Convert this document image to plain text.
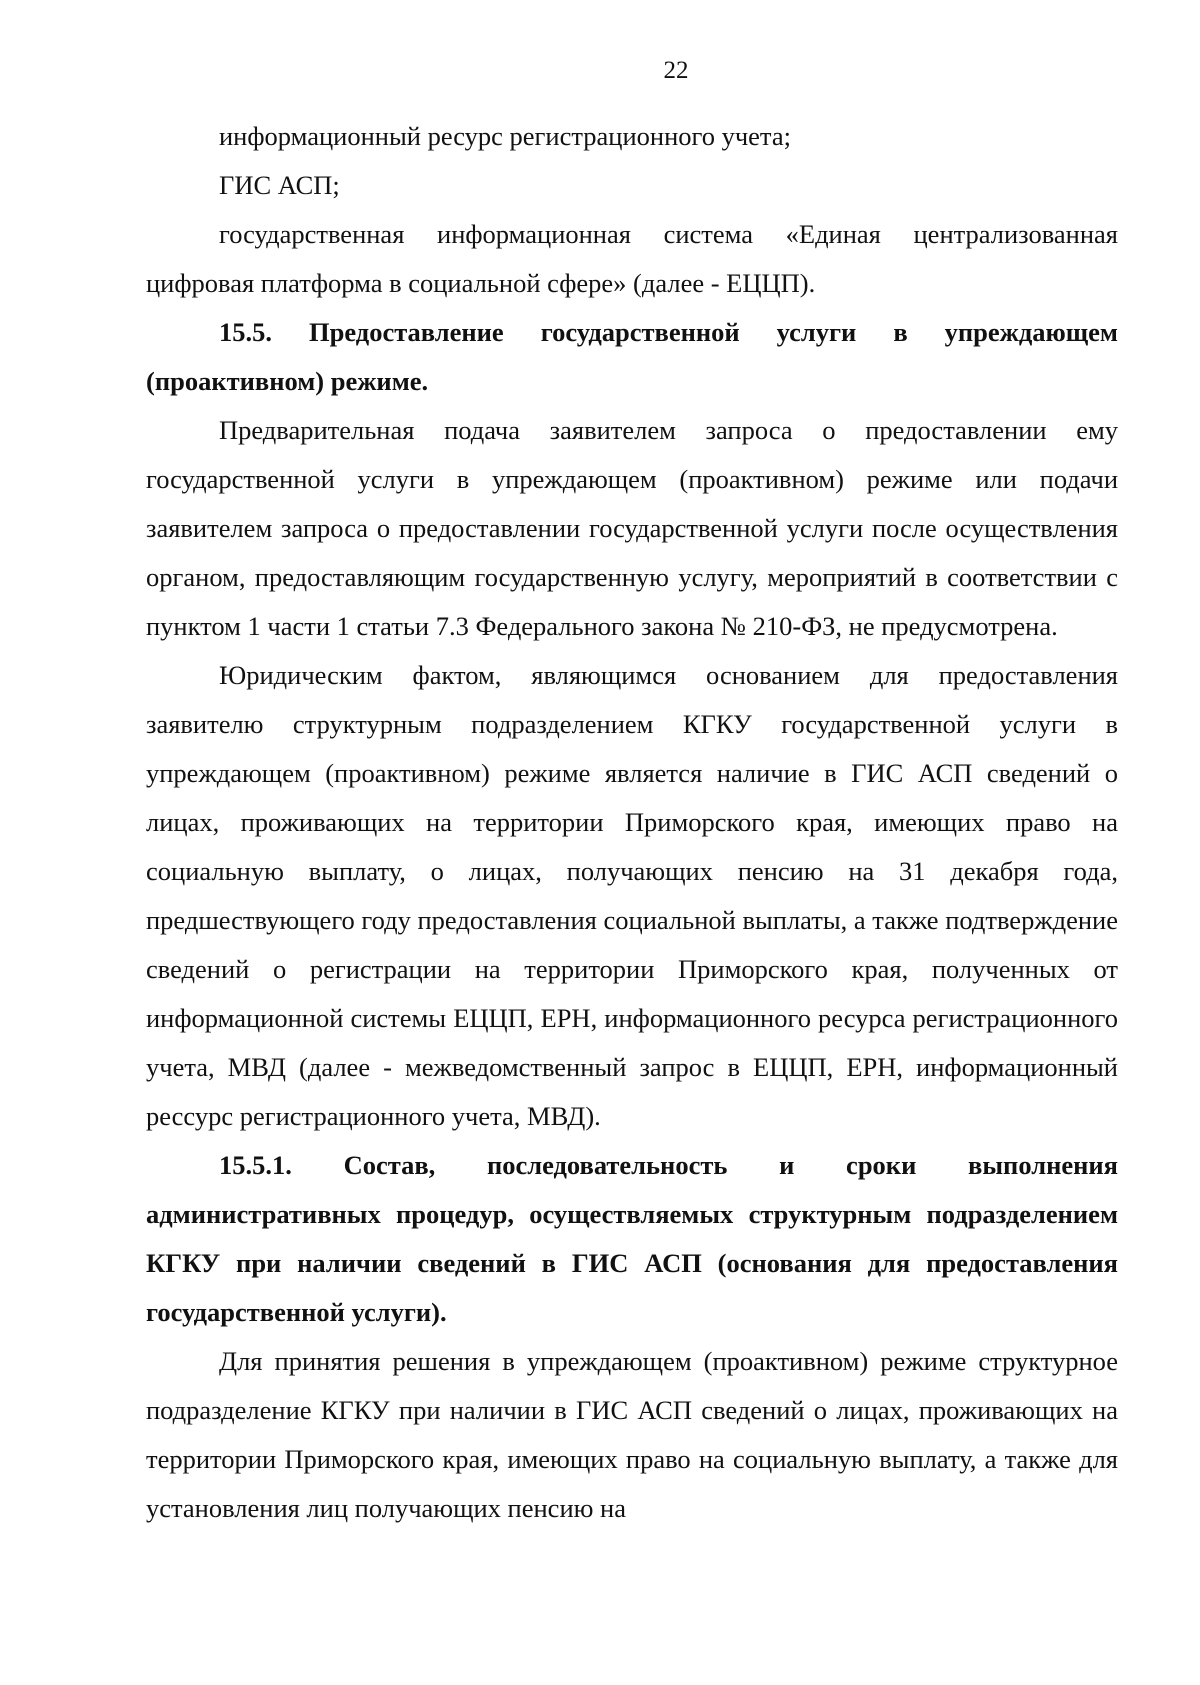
22

информационный ресурс регистрационного учета;

ГИС АСП;

государственная информационная система «Единая централизованная цифровая платформа в социальной сфере» (далее - ЕЦЦП).

15.5. Предоставление государственной услуги в упреждающем (проактивном) режиме.

Предварительная подача заявителем запроса о предоставлении ему государственной услуги в упреждающем (проактивном) режиме или подачи заявителем запроса о предоставлении государственной услуги после осуществления органом, предоставляющим государственную услугу, мероприятий в соответствии с пунктом 1 части 1 статьи 7.3 Федерального закона № 210-ФЗ, не предусмотрена.

Юридическим фактом, являющимся основанием для предоставления заявителю структурным подразделением КГКУ государственной услуги в упреждающем (проактивном) режиме является наличие в ГИС АСП сведений о лицах, проживающих на территории Приморского края, имеющих право на социальную выплату, о лицах, получающих пенсию на 31 декабря года, предшествующего году предоставления социальной выплаты, а также подтверждение сведений о регистрации на территории Приморского края, полученных от информационной системы ЕЦЦП, ЕРН, информационного ресурса регистрационного учета, МВД (далее - межведомственный запрос в ЕЦЦП, ЕРН, информационный рессурс регистрационного учета, МВД).

15.5.1. Состав, последовательность и сроки выполнения административных процедур, осуществляемых структурным подразделением КГКУ при наличии сведений в ГИС АСП (основания для предоставления государственной услуги).

Для принятия решения в упреждающем (проактивном) режиме структурное подразделение КГКУ при наличии в ГИС АСП сведений о лицах, проживающих на территории Приморского края, имеющих право на социальную выплату, а также для установления лиц получающих пенсию на
